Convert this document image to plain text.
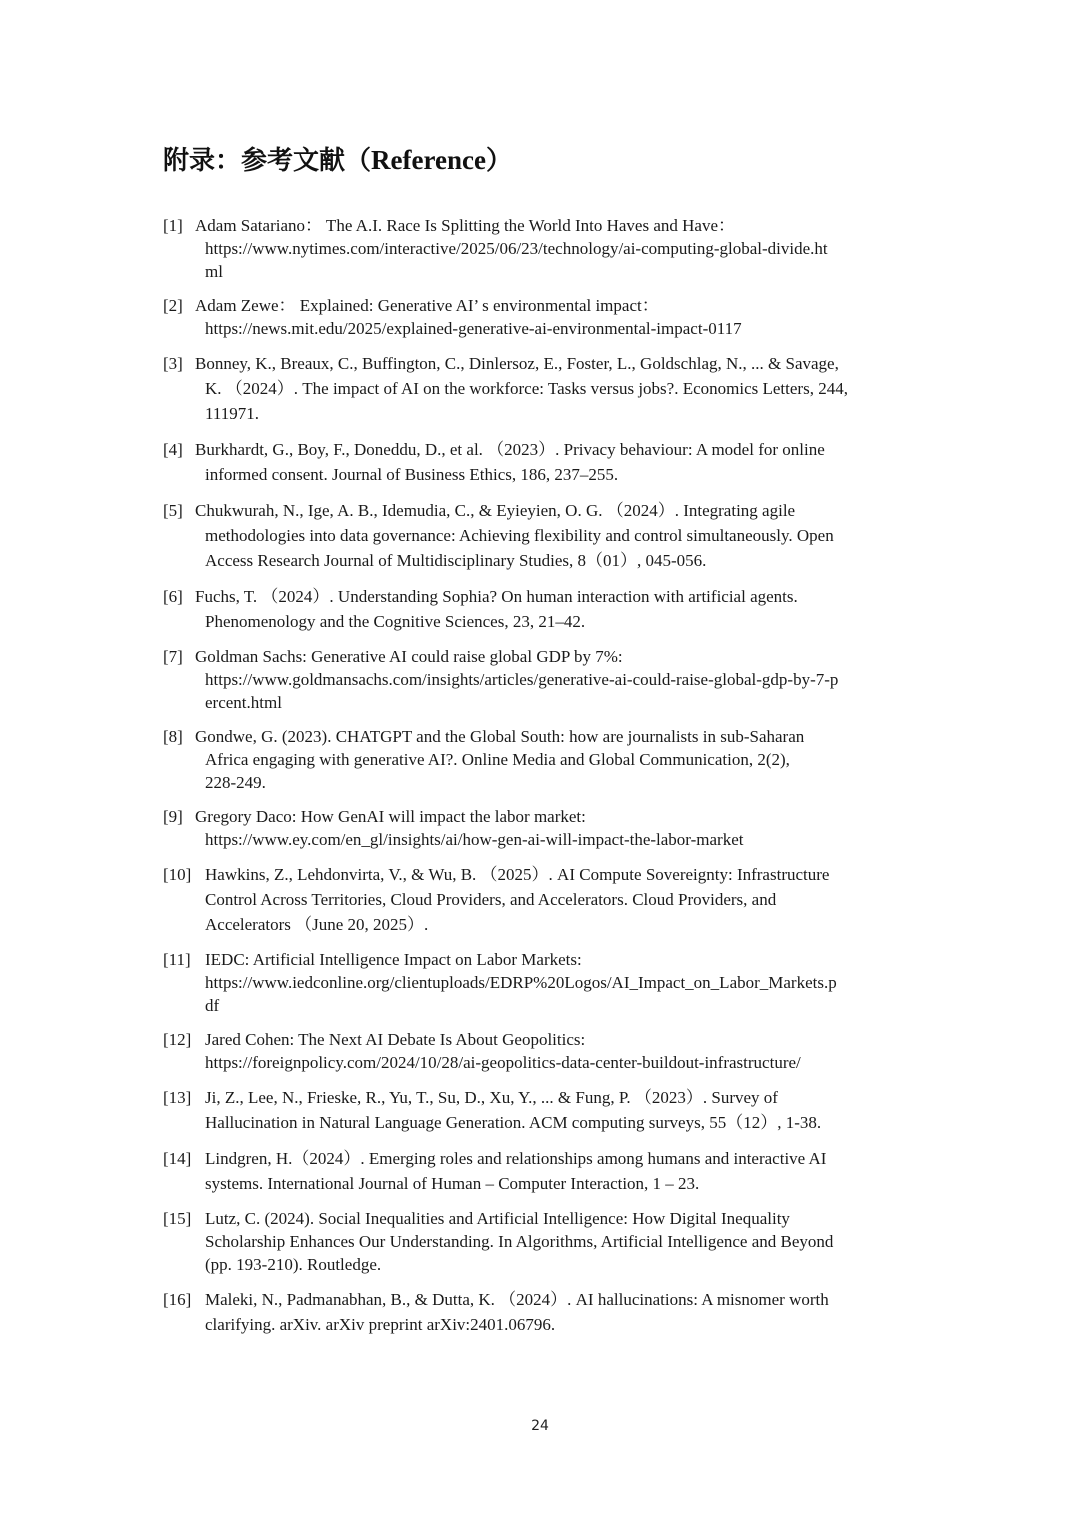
附录：参考文献（Reference）
[1] Adam Satariano： The A.I. Race Is Splitting the World Into Haves and Have：
https://www.nytimes.com/interactive/2025/06/23/technology/ai-computing-global-divide.ht
ml
[2] Adam Zewe： Explained: Generative AI’ s environmental impact：
https://news.mit.edu/2025/explained-generative-ai-environmental-impact-0117
[3] Bonney, K., Breaux, C., Buffington, C., Dinlersoz, E., Foster, L., Goldschlag, N., ... & Savage,
K. （2024）. The impact of AI on the workforce: Tasks versus jobs?. Economics Letters, 244,
111971.
[4] Burkhardt, G., Boy, F., Doneddu, D., et al. （2023）. Privacy behaviour: A model for online
informed consent. Journal of Business Ethics, 186, 237–255.
[5] Chukwurah, N., Ige, A. B., Idemudia, C., & Eyieyien, O. G. （2024）. Integrating agile
methodologies into data governance: Achieving flexibility and control simultaneously. Open
Access Research Journal of Multidisciplinary Studies, 8（01）, 045-056.
[6] Fuchs, T. （2024）. Understanding Sophia? On human interaction with artificial agents.
Phenomenology and the Cognitive Sciences, 23, 21–42.
[7] Goldman Sachs: Generative AI could raise global GDP by 7%:
https://www.goldmansachs.com/insights/articles/generative-ai-could-raise-global-gdp-by-7-p
ercent.html
[8] Gondwe, G. (2023). CHATGPT and the Global South: how are journalists in sub-Saharan
Africa engaging with generative AI?. Online Media and Global Communication, 2(2),
228-249.
[9] Gregory Daco: How GenAI will impact the labor market:
https://www.ey.com/en_gl/insights/ai/how-gen-ai-will-impact-the-labor-market
[10] Hawkins, Z., Lehdonvirta, V., & Wu, B. （2025）. AI Compute Sovereignty: Infrastructure
Control Across Territories, Cloud Providers, and Accelerators. Cloud Providers, and
Accelerators （June 20, 2025）.
[11] IEDC: Artificial Intelligence Impact on Labor Markets:
https://www.iedconline.org/clientuploads/EDRP%20Logos/AI_Impact_on_Labor_Markets.p
df
[12] Jared Cohen: The Next AI Debate Is About Geopolitics:
https://foreignpolicy.com/2024/10/28/ai-geopolitics-data-center-buildout-infrastructure/
[13] Ji, Z., Lee, N., Frieske, R., Yu, T., Su, D., Xu, Y., ... & Fung, P. （2023）. Survey of
Hallucination in Natural Language Generation. ACM computing surveys, 55（12）, 1-38.
[14] Lindgren, H.（2024）. Emerging roles and relationships among humans and interactive AI
systems. International Journal of Human – Computer Interaction, 1 – 23.
[15] Lutz, C. (2024). Social Inequalities and Artificial Intelligence: How Digital Inequality
Scholarship Enhances Our Understanding. In Algorithms, Artificial Intelligence and Beyond
(pp. 193-210). Routledge.
[16] Maleki, N., Padmanabhan, B., & Dutta, K. （2024）. AI hallucinations: A misnomer worth
clarifying. arXiv. arXiv preprint arXiv:2401.06796.
24
